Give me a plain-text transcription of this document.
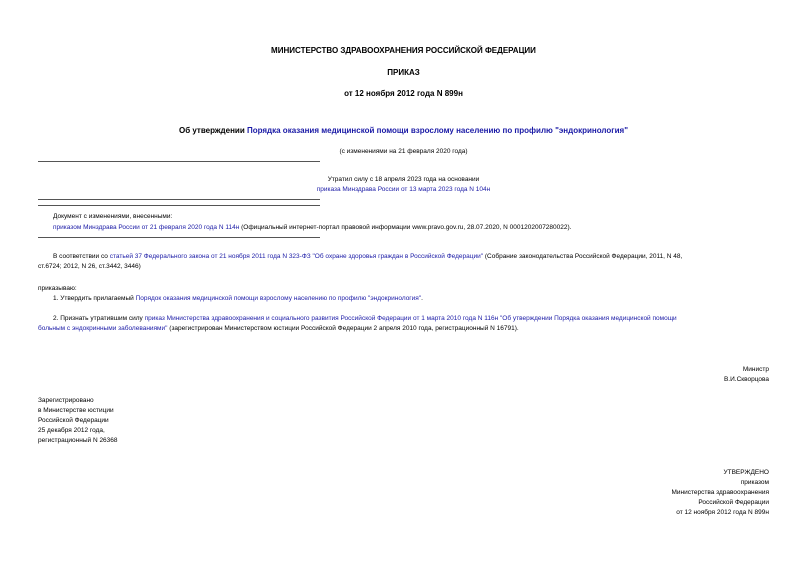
МИНИСТЕРСТВО ЗДРАВООХРАНЕНИЯ РОССИЙСКОЙ ФЕДЕРАЦИИ
ПРИКАЗ
от 12 ноября 2012 года N 899н
Об утверждении Порядка оказания медицинской помощи взрослому населению по профилю "эндокринология"
(с изменениями на 21 февраля 2020 года)
Утратил силу с 18 апреля 2023 года на основании
приказа Минздрава России от 13 марта 2023 года N 104н
Документ с изменениями, внесенными:
приказом Минздрава России от 21 февраля 2020 года N 114н (Официальный интернет-портал правовой информации www.pravo.gov.ru, 28.07.2020, N 0001202007280022).
В соответствии со статьей 37 Федерального закона от 21 ноября 2011 года N 323-ФЗ "Об охране здоровья граждан в Российской Федерации" (Собрание законодательства Российской Федерации, 2011, N 48,
ст.6724; 2012, N 26, ст.3442, 3446)
приказываю:
1. Утвердить прилагаемый Порядок оказания медицинской помощи взрослому населению по профилю "эндокринология".
2. Признать утратившим силу приказ Министерства здравоохранения и социального развития Российской Федерации от 1 марта 2010 года N 116н "Об утверждении Порядка оказания медицинской помощи
больным с эндокринными заболеваниями" (зарегистрирован Министерством юстиции Российской Федерации 2 апреля 2010 года, регистрационный N 16791).
Министр
В.И.Скворцова
Зарегистрировано
в Министерстве юстиции
Российской Федерации
25 декабря 2012 года,
регистрационный N 26368
УТВЕРЖДЕНО
приказом
Министерства здравоохранения
Российской Федерации
от 12 ноября 2012 года N 899н
